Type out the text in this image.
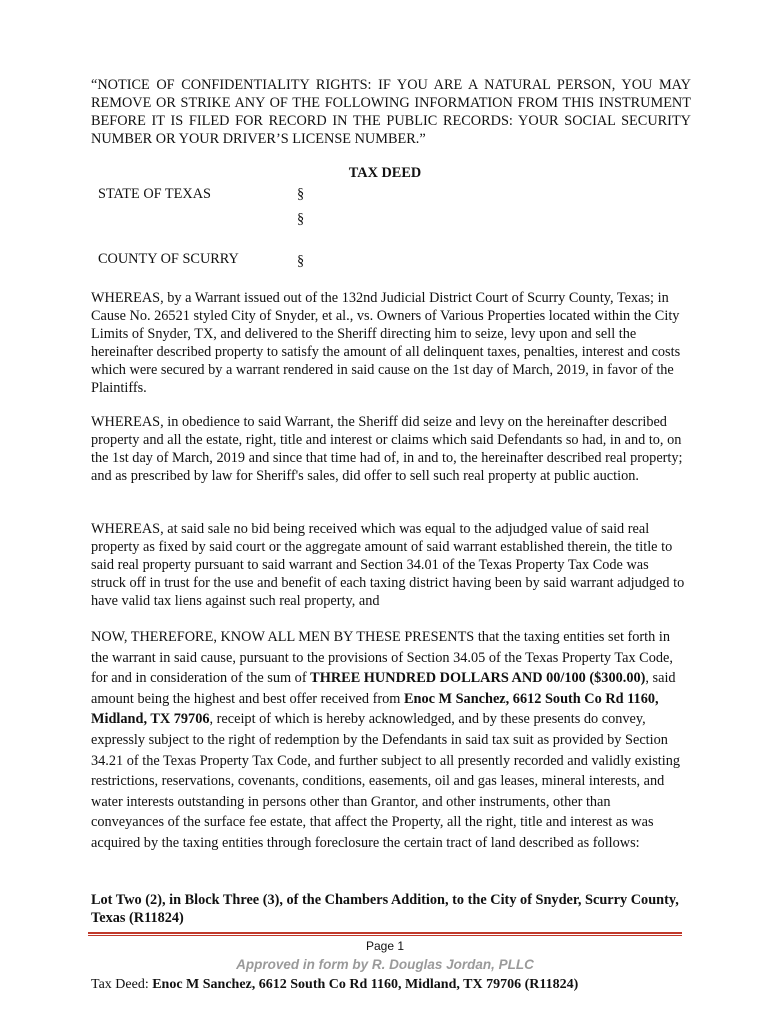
“NOTICE OF CONFIDENTIALITY RIGHTS: IF YOU ARE A NATURAL PERSON, YOU MAY REMOVE OR STRIKE ANY OF THE FOLLOWING INFORMATION FROM THIS INSTRUMENT BEFORE IT IS FILED FOR RECORD IN THE PUBLIC RECORDS: YOUR SOCIAL SECURITY NUMBER OR YOUR DRIVER’S LICENSE NUMBER.”
TAX DEED
STATE OF TEXAS	§
§
COUNTY OF SCURRY	§
WHEREAS, by a Warrant issued out of the 132nd Judicial District Court of Scurry County, Texas; in Cause No. 26521 styled City of Snyder, et al., vs. Owners of Various Properties located within the City Limits of Snyder, TX, and delivered to the Sheriff directing him to seize, levy upon and sell the hereinafter described property to satisfy the amount of all delinquent taxes, penalties, interest and costs which were secured by a warrant rendered in said cause on the 1st day of March, 2019, in favor of the Plaintiffs.
WHEREAS, in obedience to said Warrant, the Sheriff did seize and levy on the hereinafter described property and all the estate, right, title and interest or claims which said Defendants so had, in and to, on the 1st day of March, 2019 and since that time had of, in and to, the hereinafter described real property; and as prescribed by law for Sheriff's sales, did offer to sell such real property at public auction.
WHEREAS, at said sale no bid being received which was equal to the adjudged value of said real property as fixed by said court or the aggregate amount of said warrant established therein, the title to said real property pursuant to said warrant and Section 34.01 of the Texas Property Tax Code was struck off in trust for the use and benefit of each taxing district having been by said warrant adjudged to have valid tax liens against such real property, and
NOW, THEREFORE, KNOW ALL MEN BY THESE PRESENTS that the taxing entities set forth in the warrant in said cause, pursuant to the provisions of Section 34.05 of the Texas Property Tax Code, for and in consideration of the sum of THREE HUNDRED DOLLARS AND 00/100 ($300.00), said amount being the highest and best offer received from Enoc M Sanchez, 6612 South Co Rd 1160, Midland, TX 79706, receipt of which is hereby acknowledged, and by these presents do convey, expressly subject to the right of redemption by the Defendants in said tax suit as provided by Section 34.21 of the Texas Property Tax Code, and further subject to all presently recorded and validly existing restrictions, reservations, covenants, conditions, easements, oil and gas leases, mineral interests, and water interests outstanding in persons other than Grantor, and other instruments, other than conveyances of the surface fee estate, that affect the Property, all the right, title and interest as was acquired by the taxing entities through foreclosure the certain tract of land described as follows:
Lot Two (2), in Block Three (3), of the Chambers Addition, to the City of Snyder, Scurry County, Texas (R11824)
Page 1
Approved in form by R. Douglas Jordan, PLLC
Tax Deed: Enoc M Sanchez, 6612 South Co Rd 1160, Midland, TX 79706 (R11824)
